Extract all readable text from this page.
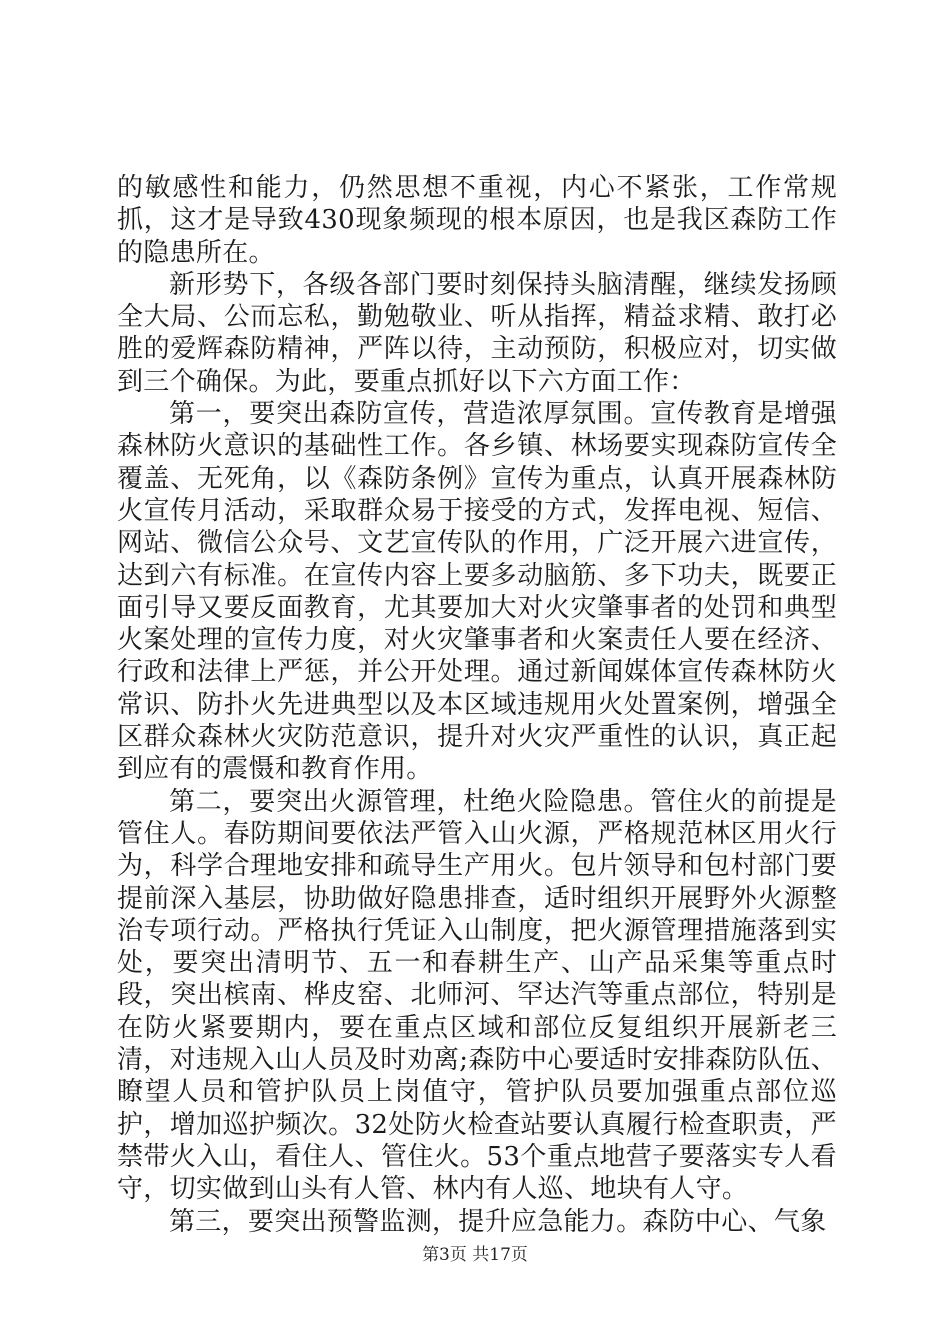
的敏感性和能力，仍然思想不重视，内心不紧张，工作常规抓，这才是导致430现象频现的根本原因，也是我区森防工作的隐患所在。

新形势下，各级各部门要时刻保持头脑清醒，继续发扬顾全大局、公而忘私，勤勉敬业、听从指挥，精益求精、敢打必胜的爱辉森防精神，严阵以待，主动预防，积极应对，切实做到三个确保。为此，要重点抓好以下六方面工作：

第一，要突出森防宣传，营造浓厚氛围。宣传教育是增强森林防火意识的基础性工作。各乡镇、林场要实现森防宣传全覆盖、无死角，以《森防条例》宣传为重点，认真开展森林防火宣传月活动，采取群众易于接受的方式，发挥电视、短信、网站、微信公众号、文艺宣传队的作用，广泛开展六进宣传，达到六有标准。在宣传内容上要多动脑筋、多下功夫，既要正面引导又要反面教育，尤其要加大对火灾肇事者的处罚和典型火案处理的宣传力度，对火灾肇事者和火案责任人要在经济、行政和法律上严惩，并公开处理。通过新闻媒体宣传森林防火常识、防扑火先进典型以及本区域违规用火处置案例，增强全区群众森林火灾防范意识，提升对火灾严重性的认识，真正起到应有的震慑和教育作用。

第二，要突出火源管理，杜绝火险隐患。管住火的前提是管住人。春防期间要依法严管入山火源，严格规范林区用火行为，科学合理地安排和疏导生产用火。包片领导和包村部门要提前深入基层，协助做好隐患排查，适时组织开展野外火源整治专项行动。严格执行凭证入山制度，把火源管理措施落到实处，要突出清明节、五一和春耕生产、山产品采集等重点时段，突出槟南、桦皮窑、北师河、罕达汽等重点部位，特别是在防火紧要期内，要在重点区域和部位反复组织开展新老三清，对违规入山人员及时劝离;森防中心要适时安排森防队伍、瞭望人员和管护队员上岗值守，管护队员要加强重点部位巡护，增加巡护频次。32处防火检查站要认真履行检查职责，严禁带火入山，看住人、管住火。53个重点地营子要落实专人看守，切实做到山头有人管、林内有人巡、地块有人守。

第三，要突出预警监测，提升应急能力。森防中心、气象

第3页 共17页
